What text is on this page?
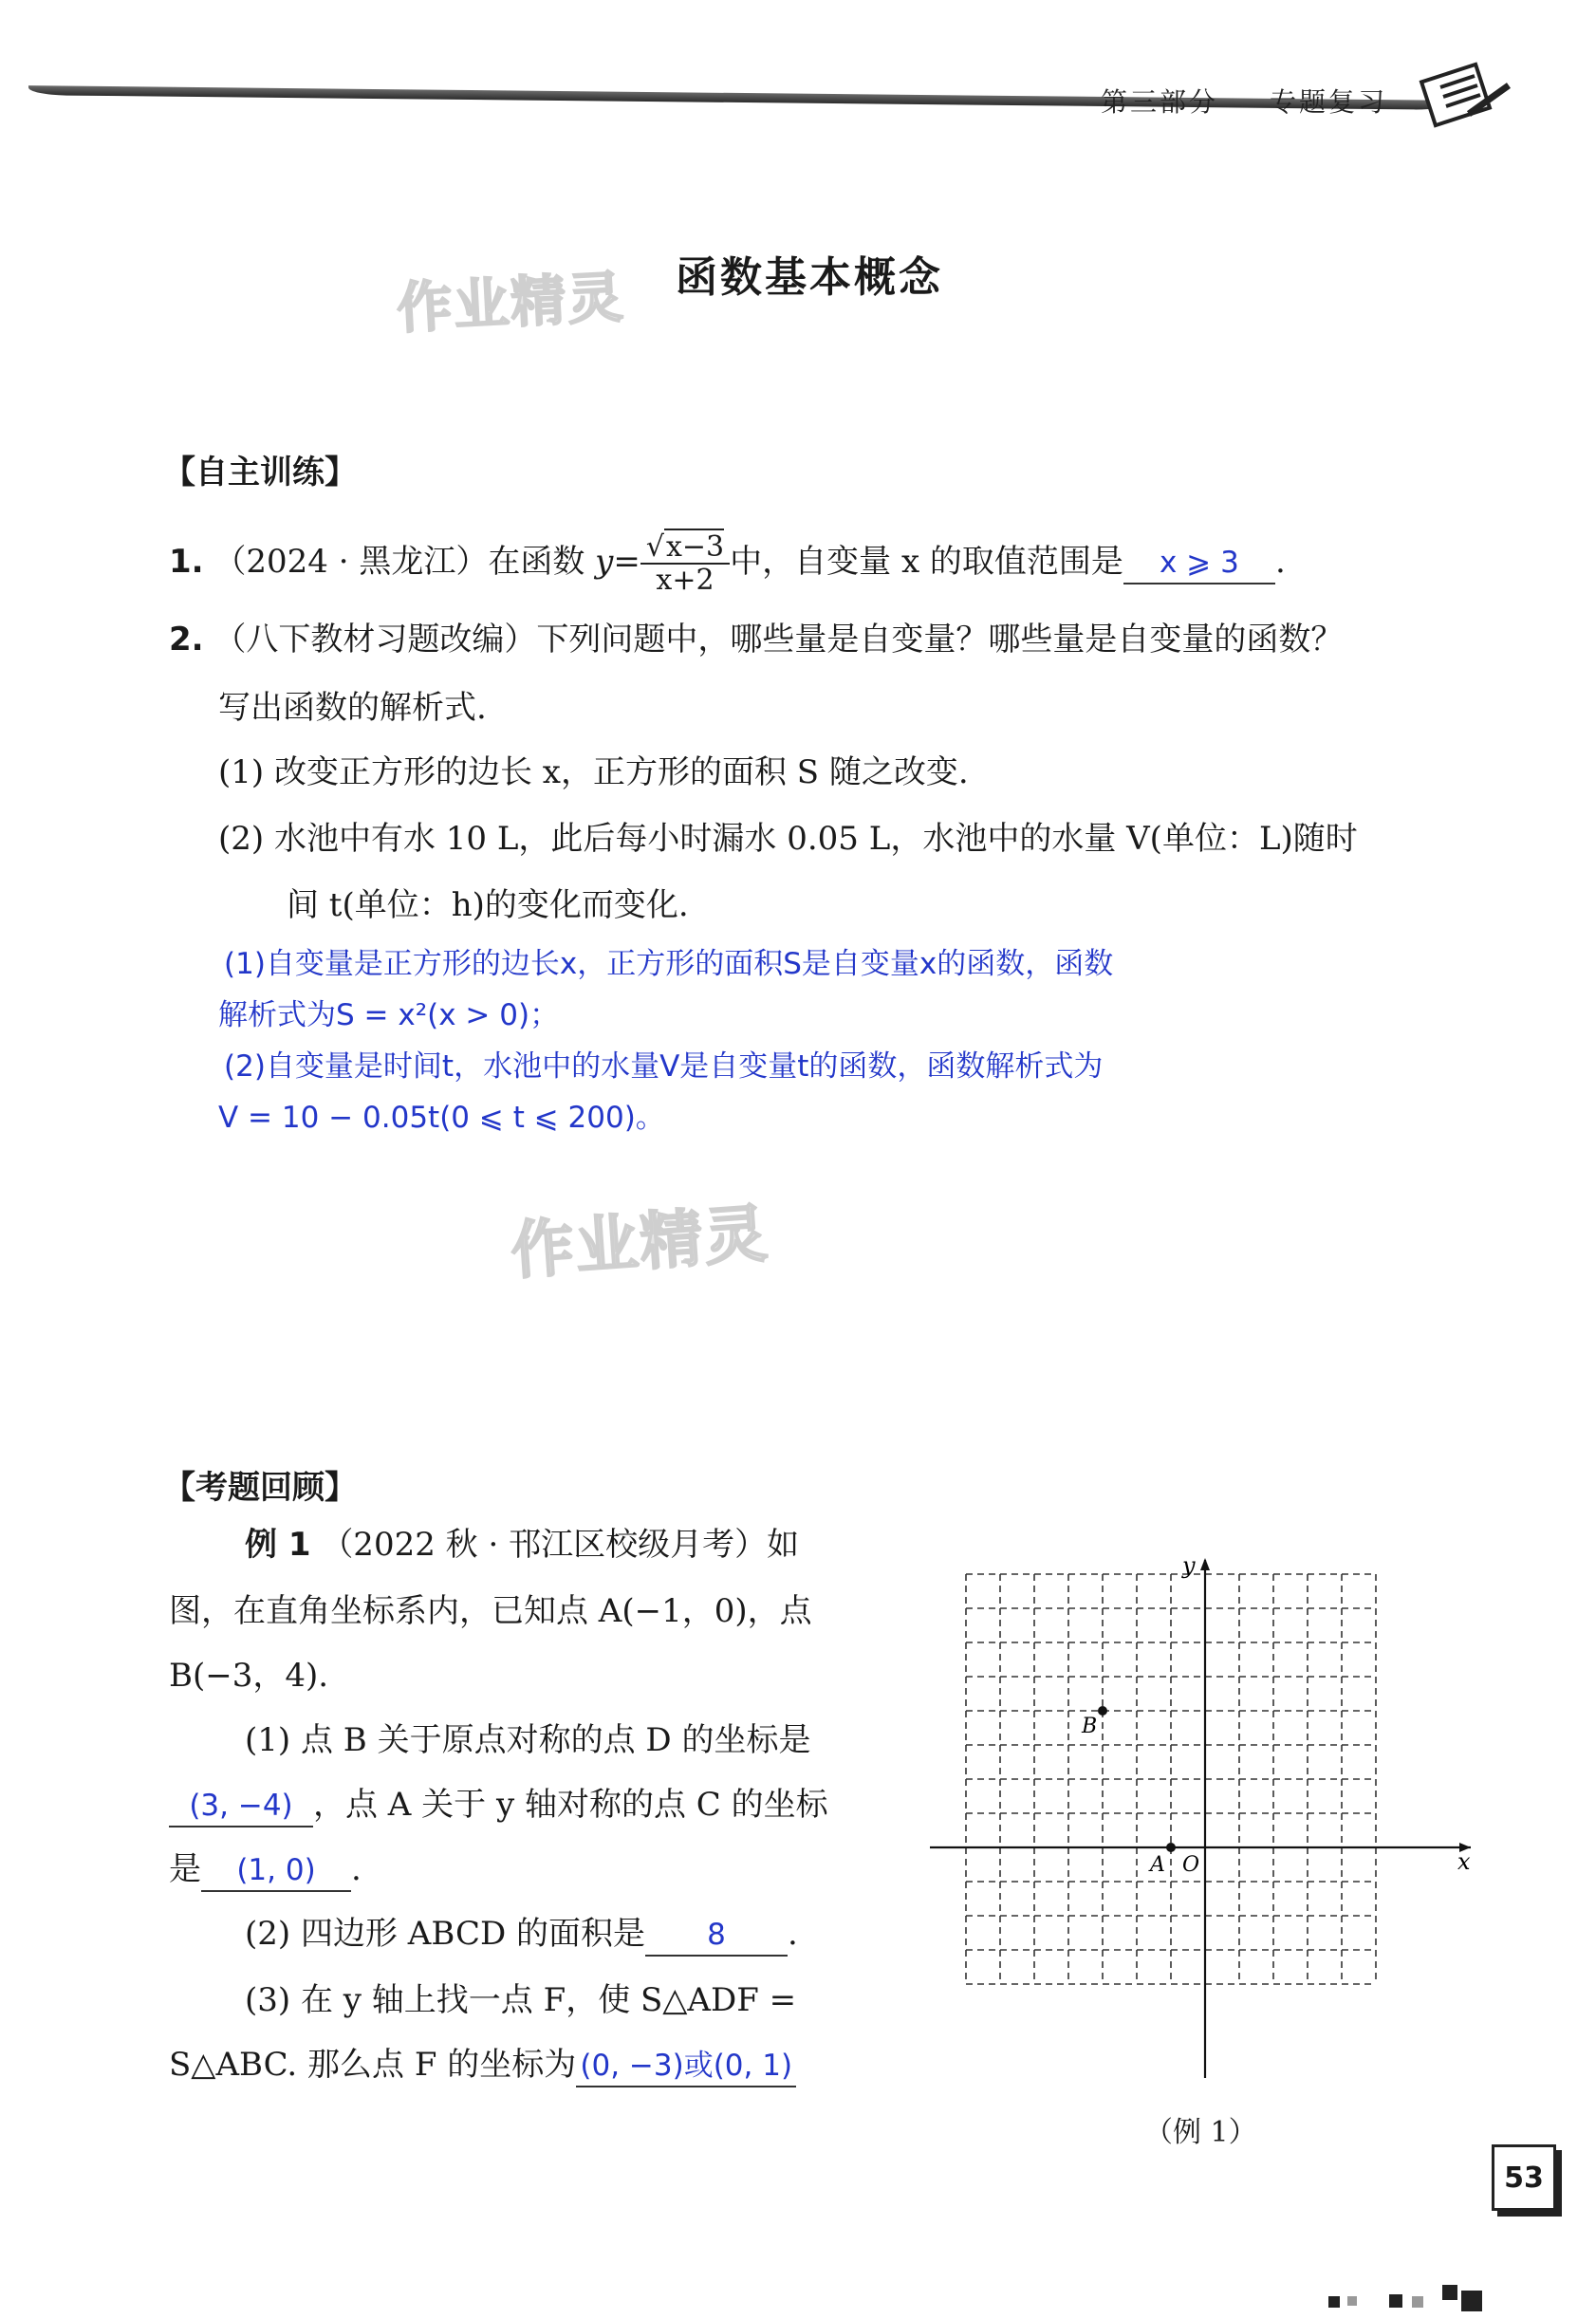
第三部分 专题复习
作业精灵 函数基本概念
作业精灵
【自主训练】
1. （2024 · 黑龙江）在函数 $y= \frac{√x-3}{x+2}$ 中，自变量 x 的取值范围是 x ⩾ 3 .
2. （八下教材习题改编）下列问题中，哪些量是自变量？哪些量是自变量的函数？
写出函数的解析式.
(1) 改变正方形的边长 x，正方形的面积 S 随之改变.
(2) 水池中有水 10 L，此后每小时漏水 0.05 L，水池中的水量 V(单位：L)随时
间 t(单位：h)的变化而变化.
(1)自变量是正方形的边长x，正方形的面积S是自变量x的函数，函数
解析式为S = x²(x > 0)；
(2)自变量是时间t，水池中的水量V是自变量t的函数，函数解析式为
V = 10 − 0.05t(0 ⩽ t ⩽ 200)。
【考题回顾】
例 1 （2022 秋 · 邗江区校级月考）如
图，在直角坐标系内，已知点 A(−1，0)，点
B(−3，4).
(1) 点 B 关于原点对称的点 D 的坐标是
(3, −4) ，点 A 关于 y 轴对称的点 C 的坐标
是 (1, 0) .
(2) 四边形 ABCD 的面积是 8 .
(3) 在 y 轴上找一点 F，使 S△ADF =
S△ABC. 那么点 F 的坐标为 (0, −3)或(0, 1)
x
y
O
A
B
（例 1）
53
